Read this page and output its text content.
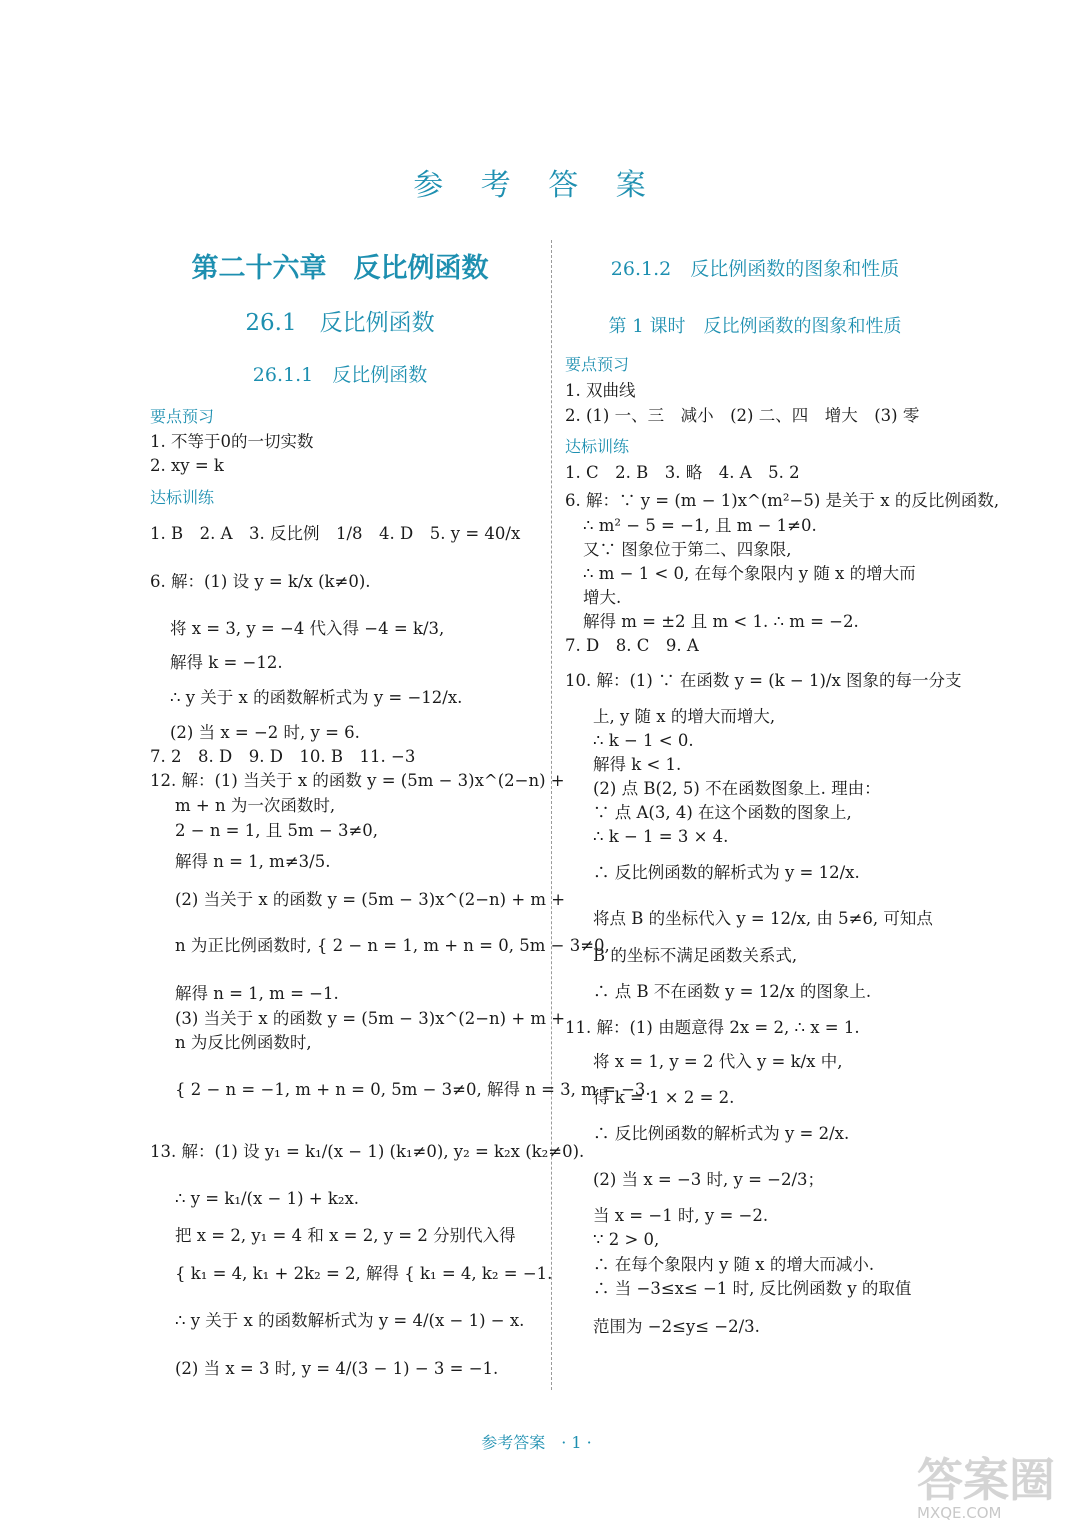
参 考 答 案
第二十六章　反比例函数
26.1　反比例函数
26.1.1　反比例函数
要点预习
1. 不等于0的一切实数
2. xy = k
达标训练
1. B　2. A　3. 反比例　1/8　4. D　5. y = 40/x
6. 解：(1) 设 y = k/x (k≠0).
将 x = 3, y = −4 代入得 −4 = k/3,
解得 k = −12.
∴ y 关于 x 的函数解析式为 y = −12/x.
(2) 当 x = −2 时, y = 6.
7. 2　8. D　9. D　10. B　11. −3
12. 解：(1) 当关于 x 的函数 y = (5m − 3)x^(2−n) +
m + n 为一次函数时,
2 − n = 1, 且 5m − 3≠0,
解得 n = 1, m≠3/5.
(2) 当关于 x 的函数 y = (5m − 3)x^(2−n) + m +
n 为正比例函数时, { 2 − n = 1, m + n = 0, 5m − 3≠0,
解得 n = 1, m = −1.
(3) 当关于 x 的函数 y = (5m − 3)x^(2−n) + m +
n 为反比例函数时,
{ 2 − n = −1, m + n = 0, 5m − 3≠0, 解得 n = 3, m = −3.
13. 解：(1) 设 y₁ = k₁/(x − 1) (k₁≠0), y₂ = k₂x (k₂≠0).
∴ y = k₁/(x − 1) + k₂x.
把 x = 2, y₁ = 4 和 x = 2, y = 2 分别代入得
{ k₁ = 4, k₁ + 2k₂ = 2, 解得 { k₁ = 4, k₂ = −1.
∴ y 关于 x 的函数解析式为 y = 4/(x − 1) − x.
(2) 当 x = 3 时, y = 4/(3 − 1) − 3 = −1.
26.1.2　反比例函数的图象和性质
第 1 课时　反比例函数的图象和性质
要点预习
1. 双曲线
2. (1) 一、三　减小　(2) 二、四　增大　(3) 零
达标训练
1. C　2. B　3. 略　4. A　5. 2
6. 解：∵ y = (m − 1)x^(m²−5) 是关于 x 的反比例函数,
∴ m² − 5 = −1, 且 m − 1≠0.
又∵ 图象位于第二、四象限,
∴ m − 1 < 0, 在每个象限内 y 随 x 的增大而
增大.
解得 m = ±2 且 m < 1. ∴ m = −2.
7. D　8. C　9. A
10. 解：(1) ∵ 在函数 y = (k − 1)/x 图象的每一分支
上, y 随 x 的增大而增大,
∴ k − 1 < 0.
解得 k < 1.
(2) 点 B(2, 5) 不在函数图象上. 理由：
∵ 点 A(3, 4) 在这个函数的图象上,
∴ k − 1 = 3 × 4.
∴ 反比例函数的解析式为 y = 12/x.
将点 B 的坐标代入 y = 12/x, 由 5≠6, 可知点
B 的坐标不满足函数关系式,
∴ 点 B 不在函数 y = 12/x 的图象上.
11. 解：(1) 由题意得 2x = 2, ∴ x = 1.
将 x = 1, y = 2 代入 y = k/x 中,
得 k = 1 × 2 = 2.
∴ 反比例函数的解析式为 y = 2/x.
(2) 当 x = −3 时, y = −2/3；
当 x = −1 时, y = −2.
∵ 2 > 0,
∴ 在每个象限内 y 随 x 的增大而减小.
∴ 当 −3≤x≤ −1 时, 反比例函数 y 的取值
范围为 −2≤y≤ −2/3.
参考答案　· 1 ·
答案圈
MXQE.COM
